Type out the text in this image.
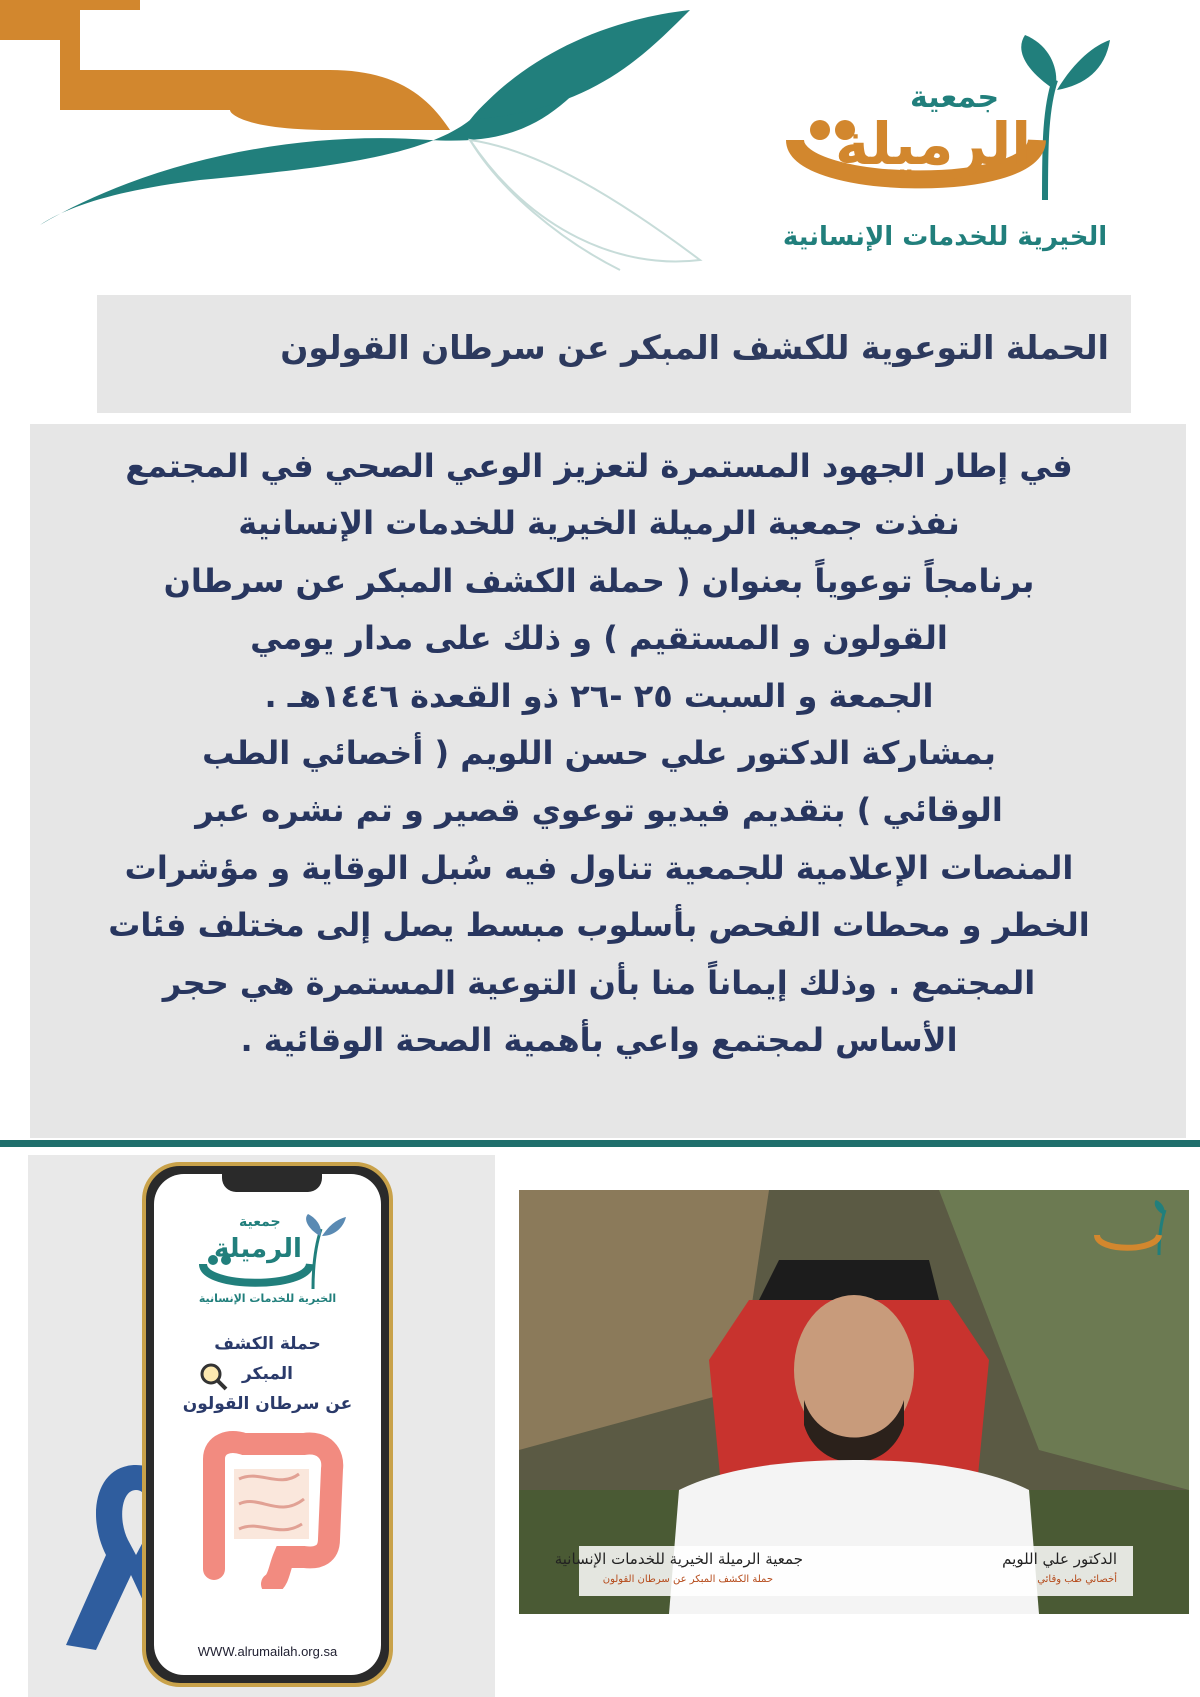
جمعية
الرميلة
الخيرية للخدمات الإنسانية
الحملة التوعوية للكشف المبكر عن سرطان القولون
في إطار الجهود المستمرة لتعزيز الوعي الصحي في المجتمع
نفذت جمعية الرميلة الخيرية للخدمات الإنسانية
برنامجاً توعوياً بعنوان ( حملة الكشف المبكر عن سرطان
القولون و المستقيم ) و ذلك على مدار يومي
الجمعة و السبت ٢٥ -٢٦ ذو القعدة ١٤٤٦هـ .
بمشاركة الدكتور علي حسن اللويم ( أخصائي الطب
الوقائي ) بتقديم فيديو توعوي قصير و تم نشره عبر
المنصات الإعلامية للجمعية تناول فيه سُبل الوقاية و مؤشرات
الخطر و محطات الفحص بأسلوب مبسط يصل إلى مختلف فئات
المجتمع . وذلك إيماناً منا بأن التوعية المستمرة هي حجر
الأساس لمجتمع واعي بأهمية الصحة الوقائية .
جمعية
الرميلة
الخيرية للخدمات الإنسانية
حملة الكشف
المبكر
عن سرطان القولون
WWW.alrumailah.org.sa
جمعية الرميلة الخيرية للخدمات الإنسانية
حملة الكشف المبكر عن سرطان القولون
الدكتور علي اللويم
أخصائي طب وقائي
